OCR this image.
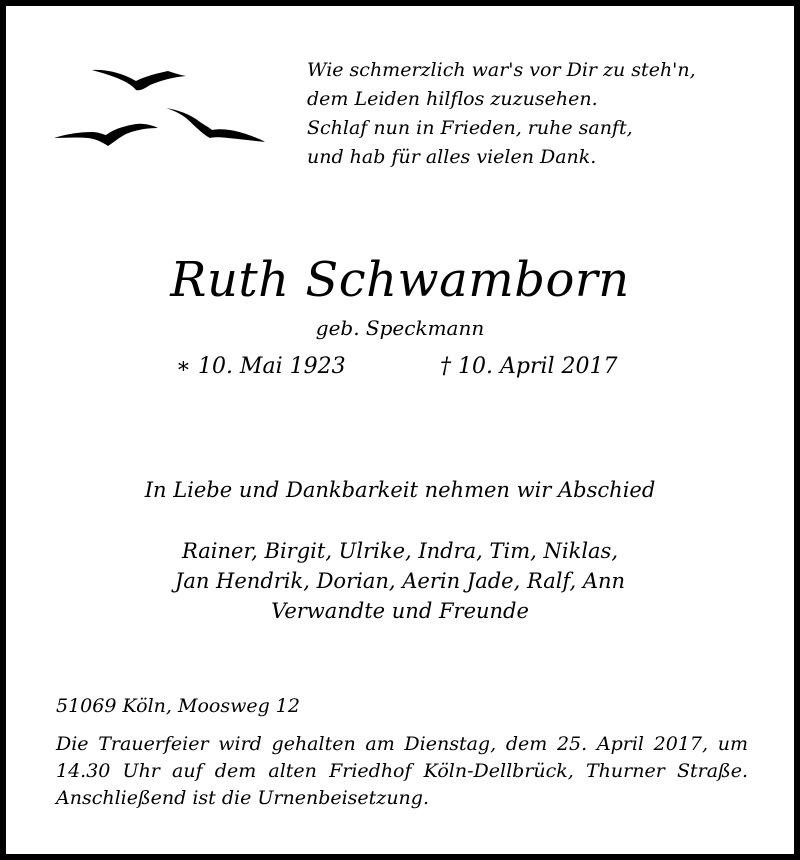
Wie schmerzlich war's vor Dir zu steh'n,
dem Leiden hilflos zuzusehen.
Schlaf nun in Frieden, ruhe sanft,
und hab für alles vielen Dank.
Ruth Schwamborn
geb. Speckmann
∗ 10. Mai 1923	† 10. April 2017
In Liebe und Dankbarkeit nehmen wir Abschied
Rainer, Birgit, Ulrike, Indra, Tim, Niklas,
Jan Hendrik, Dorian, Aerin Jade, Ralf, Ann
Verwandte und Freunde
51069 Köln, Moosweg 12
Die Trauerfeier wird gehalten am Dienstag, dem 25. April 2017, um
14.30 Uhr auf dem alten Friedhof Köln-Dellbrück, Thurner Straße.
Anschließend ist die Urnenbeisetzung.
